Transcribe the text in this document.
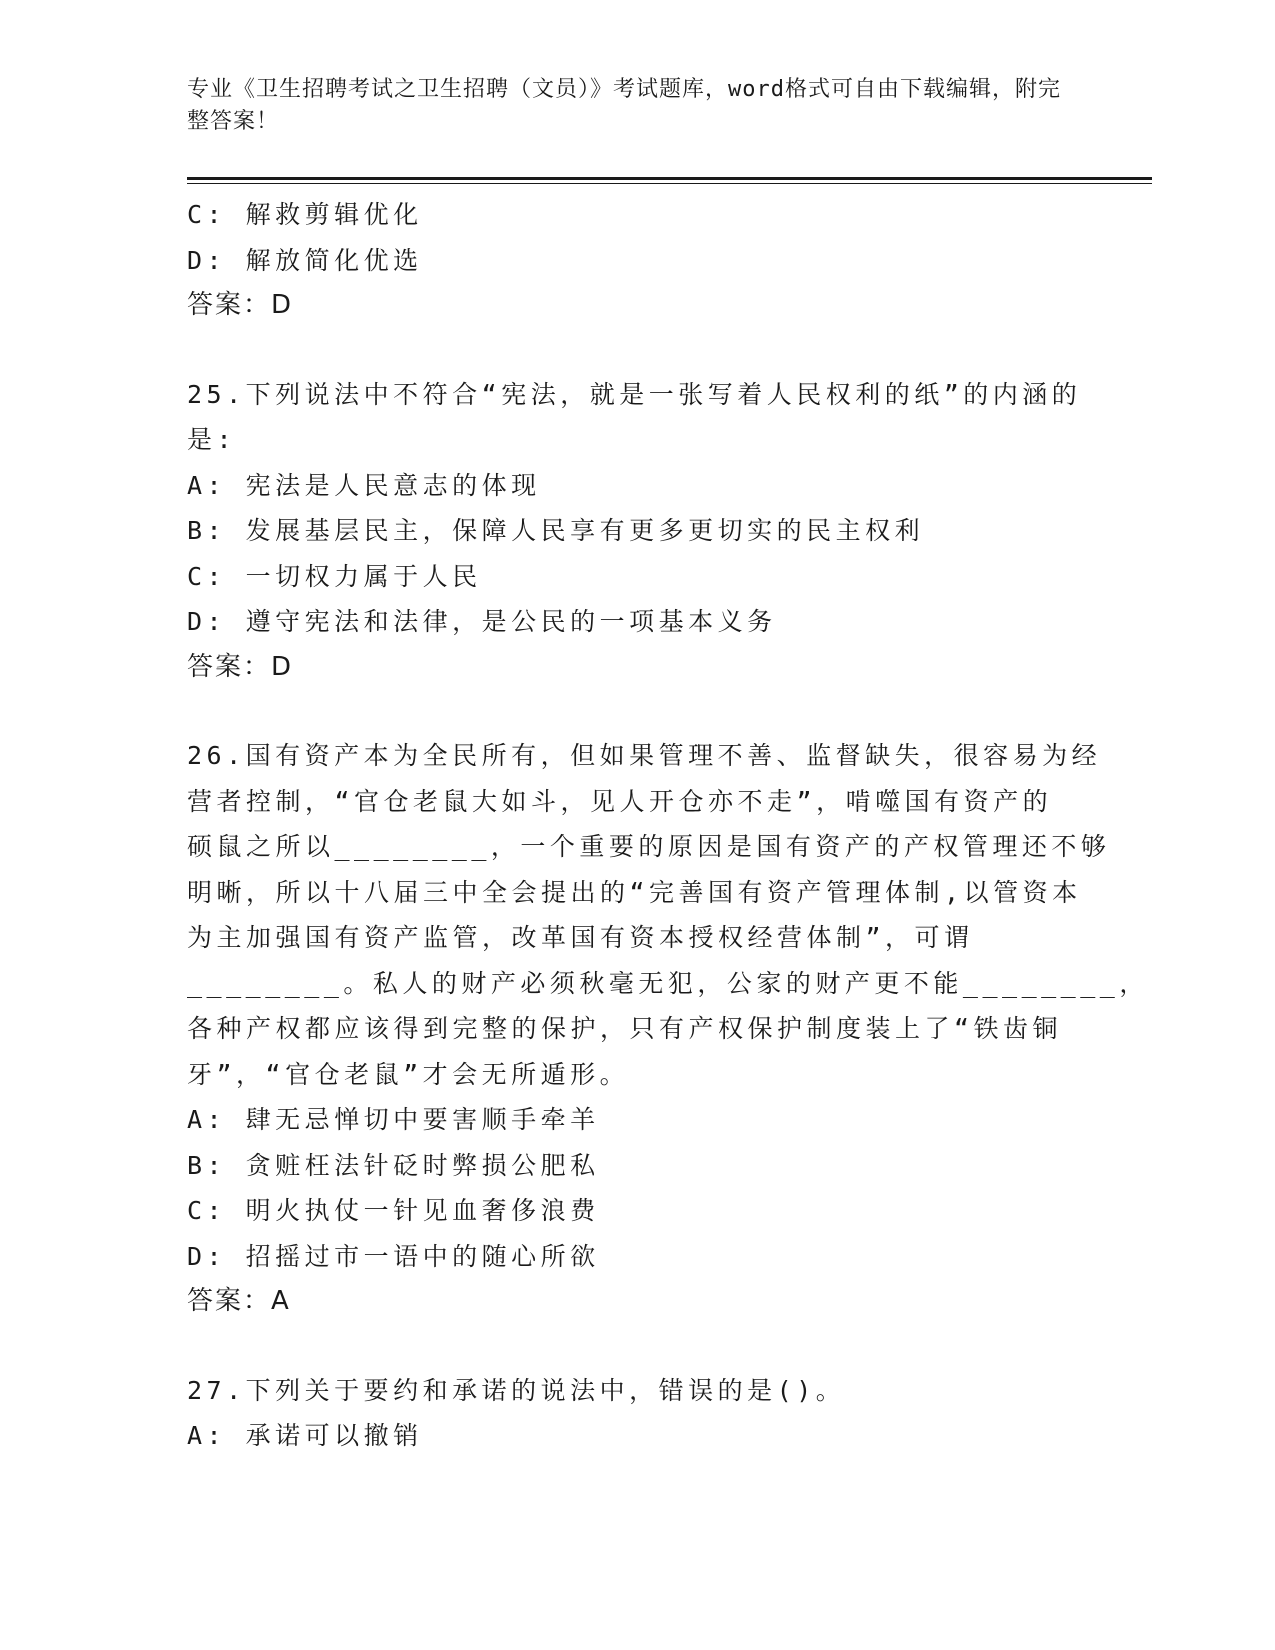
专业《卫生招聘考试之卫生招聘（文员）》考试题库，word格式可自由下载编辑，附完整答案！
C: 解救剪辑优化
D: 解放简化优选
答案：D
25.下列说法中不符合“宪法，就是一张写着人民权利的纸”的内涵的
是:
A: 宪法是人民意志的体现
B: 发展基层民主，保障人民享有更多更切实的民主权利
C: 一切权力属于人民
D: 遵守宪法和法律，是公民的一项基本义务
答案：D
26.国有资产本为全民所有，但如果管理不善、监督缺失，很容易为经
营者控制，“官仓老鼠大如斗，见人开仓亦不走”，啃噬国有资产的
硕鼠之所以________，一个重要的原因是国有资产的产权管理还不够
明晰，所以十八届三中全会提出的“完善国有资产管理体制,以管资本
为主加强国有资产监管，改革国有资本授权经营体制”，可谓
________。私人的财产必须秋毫无犯，公家的财产更不能________，
各种产权都应该得到完整的保护，只有产权保护制度装上了“铁齿铜
牙”，“官仓老鼠”才会无所遁形。
A: 肆无忌惮切中要害顺手牵羊
B: 贪赃枉法针砭时弊损公肥私
C: 明火执仗一针见血奢侈浪费
D: 招摇过市一语中的随心所欲
答案：A
27.下列关于要约和承诺的说法中，错误的是()。
A: 承诺可以撤销
